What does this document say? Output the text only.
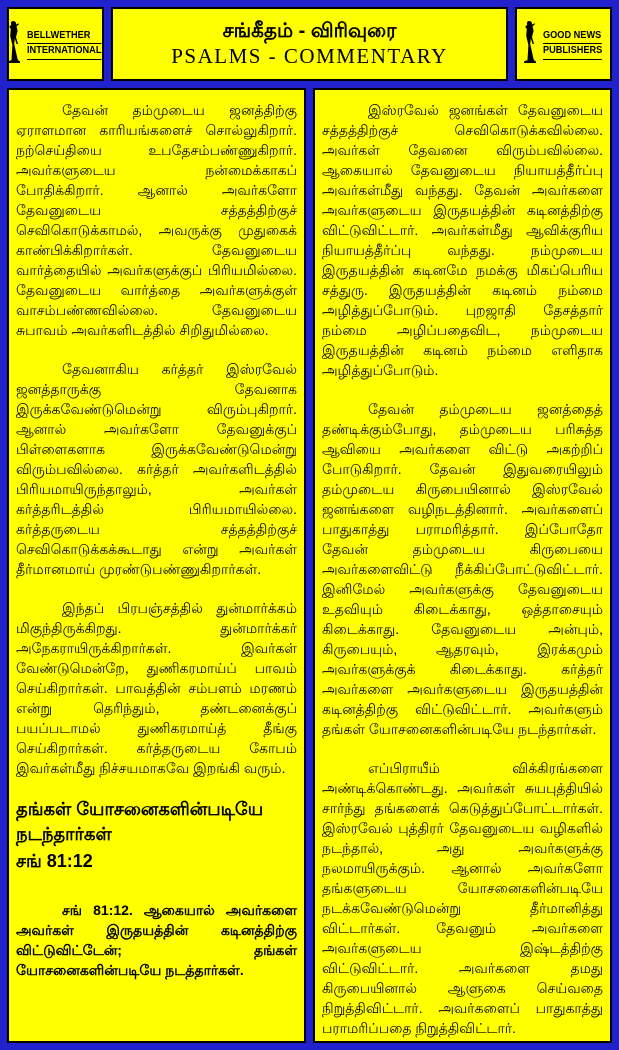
BELLWETHER
INTERNATIONAL
சங்கீதம் - விரிவுரை
PSALMS - COMMENTARY
GOOD NEWS
PUBLISHERS

தேவன் தம்முடைய ஜனத்திற்கு ஏராளமான காரியங்களைச் சொல்லுகிறார். நற்செய்தியை உபதேசம்பண்ணுகிறார். அவர்களுடைய நன்மைக்காகப் போதிக்கிறார். ஆனால் அவர்களோ தேவனுடைய சத்தத்திற்குச் செவிகொடுக்காமல், அவருக்கு முதுகைக் காண்பிக்கிறார்கள். தேவனுடைய வார்த்தையில் அவர்களுக்குப் பிரியமில்லை. தேவனுடைய வார்த்தை அவர்களுக்குள் வாசம்பண்ணவில்லை. தேவனுடைய சுபாவம் அவர்களிடத்தில் சிறிதுமில்லை.

தேவனாகிய கர்த்தர் இஸ்ரவேல் ஜனத்தாருக்கு தேவனாக இருக்கவேண்டுமென்று விரும்புகிறார். ஆனால் அவர்களோ தேவனுக்குப் பிள்ளைகளாக இருக்கவேண்டுமென்று விரும்பவில்லை. கர்த்தர் அவர்களிடத்தில் பிரியமாயிருந்தாலும், அவர்கள் கர்த்தரிடத்தில் பிரியமாயில்லை. கர்த்தருடைய சத்தத்திற்குச் செவிகொடுக்கக்கூடாது என்று அவர்கள் தீர்மானமாய் முரண்டுபண்ணுகிறார்கள்.

இந்தப் பிரபஞ்சத்தில் துன்மார்க்கம் மிகுந்திருக்கிறது. துன்மார்க்கர் அநேகராயிருக்கிறார்கள். இவர்கள் வேண்டுமென்றே, துணிகரமாய்ப் பாவம் செய்கிறார்கள். பாவத்தின் சம்பளம் மரணம் என்று தெரிந்தும், தண்டனைக்குப் பயப்படாமல் துணிகரமாய்த் தீங்கு செய்கிறார்கள். கர்த்தருடைய கோபம் இவர்கள்மீது நிச்சயமாகவே இறங்கி வரும்.

தங்கள் யோசனைகளின்படியே நடந்தார்கள்
சங் 81:12

சங் 81:12. ஆகையால் அவர்களை அவர்கள் இருதயத்தின் கடினத்திற்கு விட்டுவிட்டேன்; தங்கள் யோசனைகளின்படியே நடத்தார்கள்.

இஸ்ரவேல் ஜனங்கள் தேவனுடைய சத்தத்திற்குச் செவிகொடுக்கவில்லை. அவர்கள் தேவனை விரும்பவில்லை. ஆகையால் தேவனுடைய நியாயத்தீர்ப்பு அவர்கள்மீது வந்தது. தேவன் அவர்களை அவர்களுடைய இருதயத்தின் கடினத்திற்கு விட்டுவிட்டார். அவர்கள்மீது ஆவிக்குரிய நியாயத்தீர்ப்பு வந்தது. நம்முடைய இருதயத்தின் கடினமே நமக்கு மிகப்பெரிய சத்துரு. இருதயத்தின் கடினம் நம்மை அழித்துப்போடும். புறஜாதி தேசத்தார் நம்மை அழிப்பதைவிட, நம்முடைய இருதயத்தின் கடினம் நம்மை எளிதாக அழித்துப்போடும்.

தேவன் தம்முடைய ஜனத்தைத் தண்டிக்கும்போது, தம்முடைய பரிசுத்த ஆவியை அவர்களை விட்டு அகற்றிப் போடுகிறார். தேவன் இதுவரையிலும் தம்முடைய கிருபையினால் இஸ்ரவேல் ஜனங்களை வழிநடத்தினார். அவர்களைப் பாதுகாத்து பராமரித்தார். இப்போதோ தேவன் தம்முடைய கிருபையை அவர்களைவிட்டு நீக்கிப்போட்டுவிட்டார். இனிமேல் அவர்களுக்கு தேவனுடைய உதவியும் கிடைக்காது, ஒத்தாசையும் கிடைக்காது. தேவனுடைய அன்பும், கிருபையும், ஆதரவும், இரக்கமும் அவர்களுக்குக் கிடைக்காது. கர்த்தர் அவர்களை அவர்களுடைய இருதயத்தின் கடினத்திற்கு விட்டுவிட்டார். அவர்களும் தங்கள் யோசனைகளின்படியே நடந்தார்கள்.

எப்பிராயீம் விக்கிரங்களை அண்டிக்கொண்டது. அவர்கள் சுயபுத்தியில் சார்ந்து தங்களைக் கெடுத்துப்போட்டார்கள். இஸ்ரவேல் புத்திரர் தேவனுடைய வழிகளில் நடந்தால், அது அவர்களுக்கு நலமாயிருக்கும். ஆனால் அவர்களோ தங்களுடைய யோசனைகளின்படியே நடக்கவேண்டுமென்று தீர்மானித்து விட்டார்கள். தேவனும் அவர்களை அவர்களுடைய இஷ்டத்திற்கு விட்டுவிட்டார். அவர்களை தமது கிருபையினால் ஆளுகை செய்வதை நிறுத்திவிட்டார். அவர்களைப் பாதுகாத்து பராமரிப்பதை நிறுத்திவிட்டார்.
